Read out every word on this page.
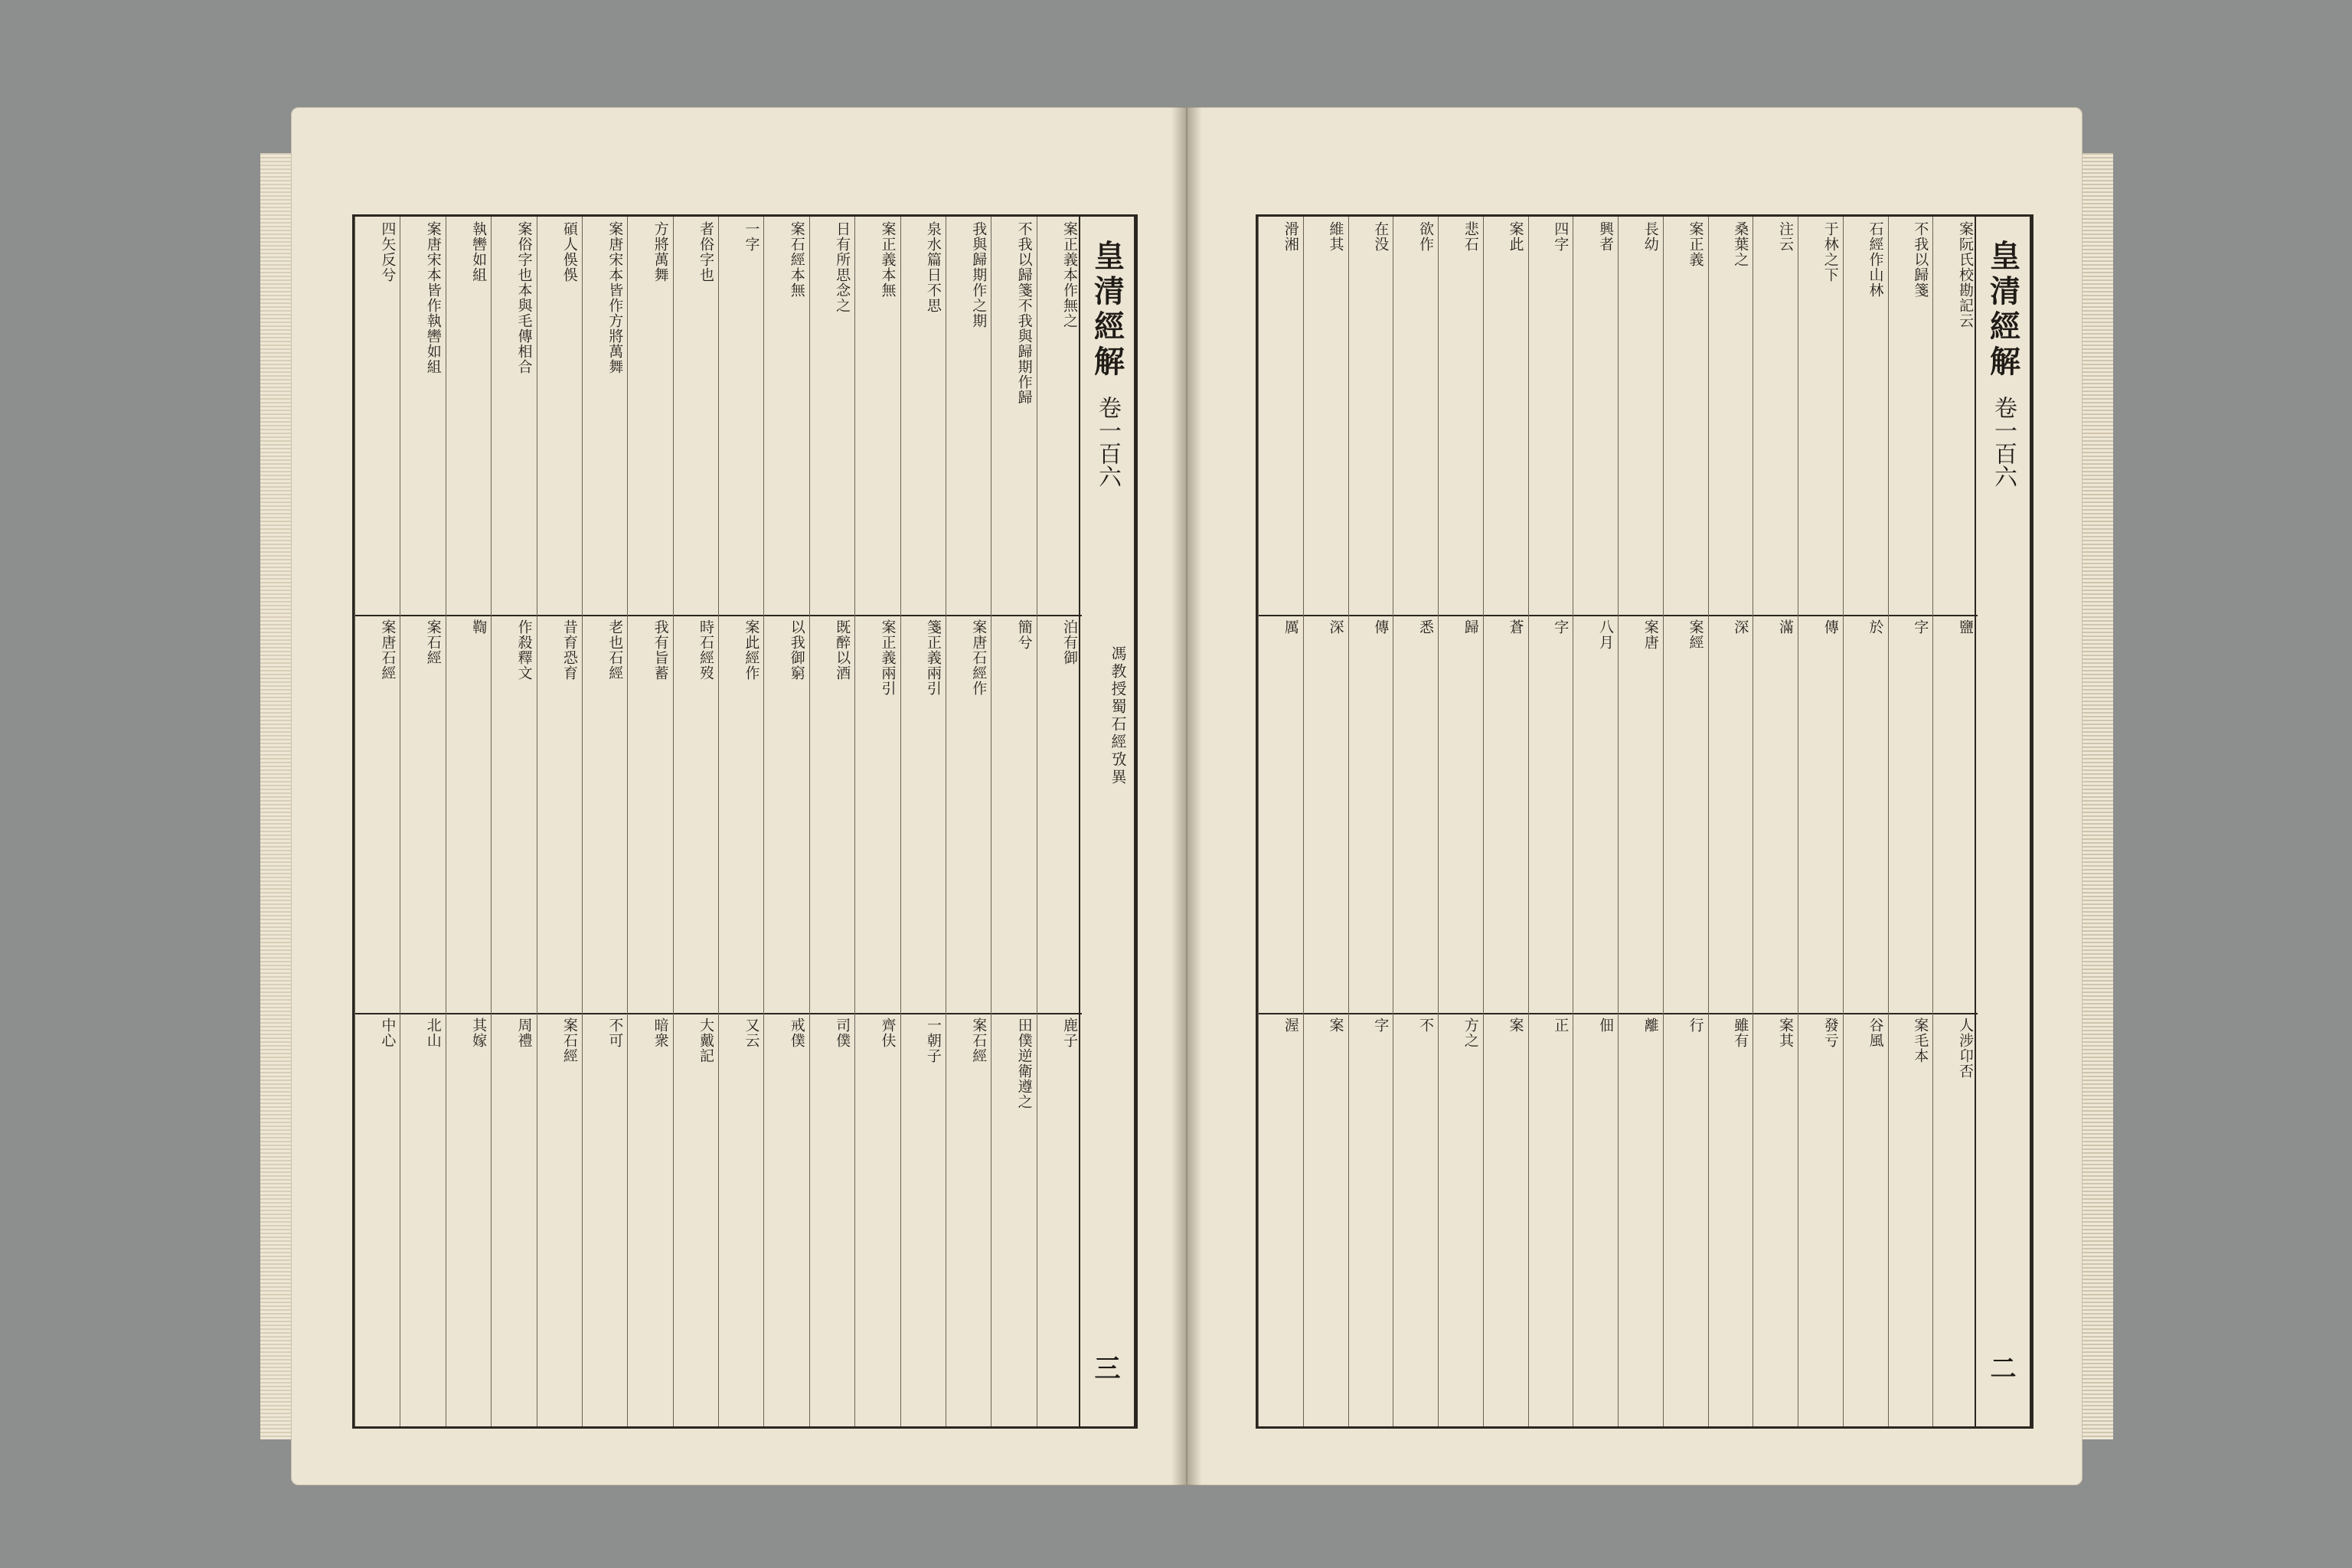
皇清經解
卷一百六
三
馮教授蜀石經攷異
案正義本作無之
不我以歸箋不我與歸期作歸
我與歸期作之期
泉水篇日不思
案正義本無
日有所思念之
案石經本無
一字
者俗字也
方將萬舞
案唐宋本皆作方將萬舞
碩人俁俁
案俗字也本與毛傳相合
執轡如組
案唐宋本皆作執轡如組
四矢反兮
泊有御
簡兮
案唐石經作
箋正義兩引
案正義兩引
既醉以酒
以我御窮
案此經作
時石經歿
我有旨蓄
老也石經
昔育恐育
作殺釋文
鞫
案石經
案唐石經
鹿子
田僕逆衛遵之
案石經
一朝子
齊伕
司僕
戒僕
又云
大戴記
暗衆
不可
案石經
周禮
其嫁
北山
中心
皇清經解
卷一百六
二
案阮氏校勘記云
不我以歸箋
石經作山林
于林之下
注云
桑葉之
案正義
長幼
興者
四字
案此
悲石
欲作
在没
維其
滑湘
鹽
字
於
傳
滿
深
案經
案唐
八月
字
蒼
歸
悉
傳
深
厲
人涉卬否
案毛本
谷風
發亏
案其
雖有
行
離
佃
正
案
方之
不
字
案
渥
